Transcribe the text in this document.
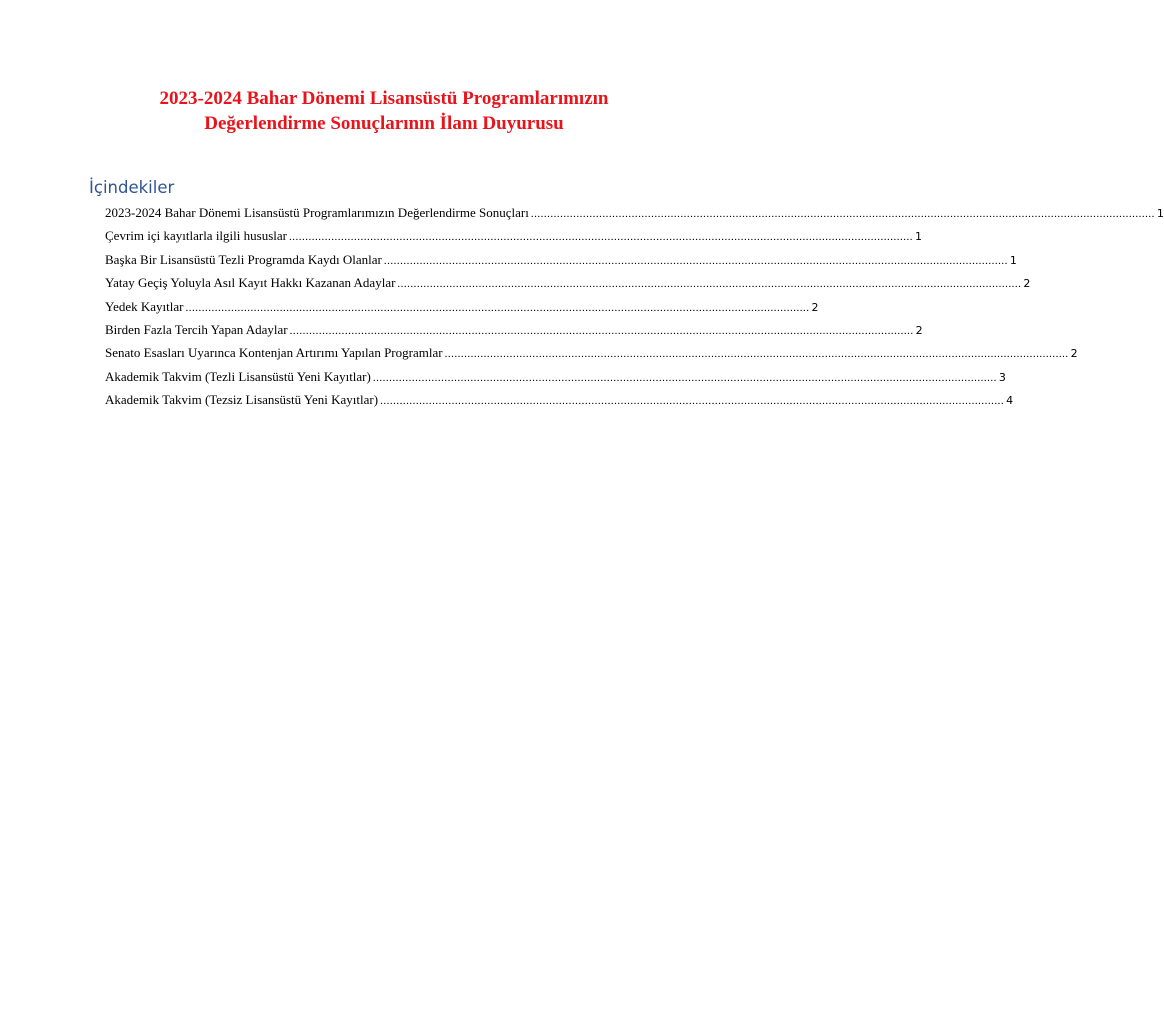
2023-2024 Bahar Dönemi Lisansüstü Programlarımızın
Değerlendirme Sonuçlarının İlanı Duyurusu
İçindekiler
2023-2024 Bahar Dönemi Lisansüstü Programlarımızın Değerlendirme Sonuçları ................................................................................................................................................................................................ 1
Çevrim içi kayıtlarla ilgili hususlar ................................................................................................................................................................................................ 1
Başka Bir Lisansüstü Tezli Programda Kaydı Olanlar ................................................................................................................................................................................................ 1
Yatay Geçiş Yoluyla Asıl Kayıt Hakkı Kazanan Adaylar ................................................................................................................................................................................................ 2
Yedek Kayıtlar ................................................................................................................................................................................................ 2
Birden Fazla Tercih Yapan Adaylar ................................................................................................................................................................................................ 2
Senato Esasları Uyarınca Kontenjan Artırımı Yapılan Programlar ................................................................................................................................................................................................ 2
Akademik Takvim (Tezli Lisansüstü Yeni Kayıtlar) ................................................................................................................................................................................................ 3
Akademik Takvim (Tezsiz Lisansüstü Yeni Kayıtlar) ................................................................................................................................................................................................ 4
